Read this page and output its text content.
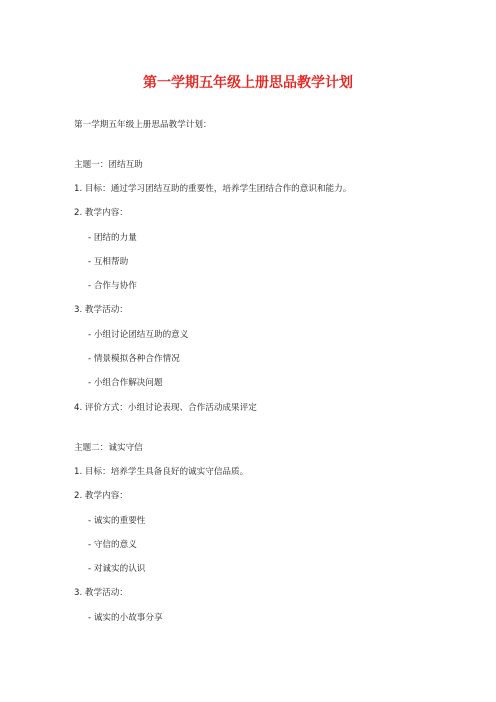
第一学期五年级上册思品教学计划
第一学期五年级上册思品教学计划：
主题一：团结互助
1. 目标：通过学习团结互助的重要性，培养学生团结合作的意识和能力。
2. 教学内容：
- 团结的力量
- 互相帮助
- 合作与协作
3. 教学活动：
- 小组讨论团结互助的意义
- 情景模拟各种合作情况
- 小组合作解决问题
4. 评价方式：小组讨论表现、合作活动成果评定
主题二：诚实守信
1. 目标：培养学生具备良好的诚实守信品质。
2. 教学内容：
- 诚实的重要性
- 守信的意义
- 对诚实的认识
3. 教学活动：
- 诚实的小故事分享
